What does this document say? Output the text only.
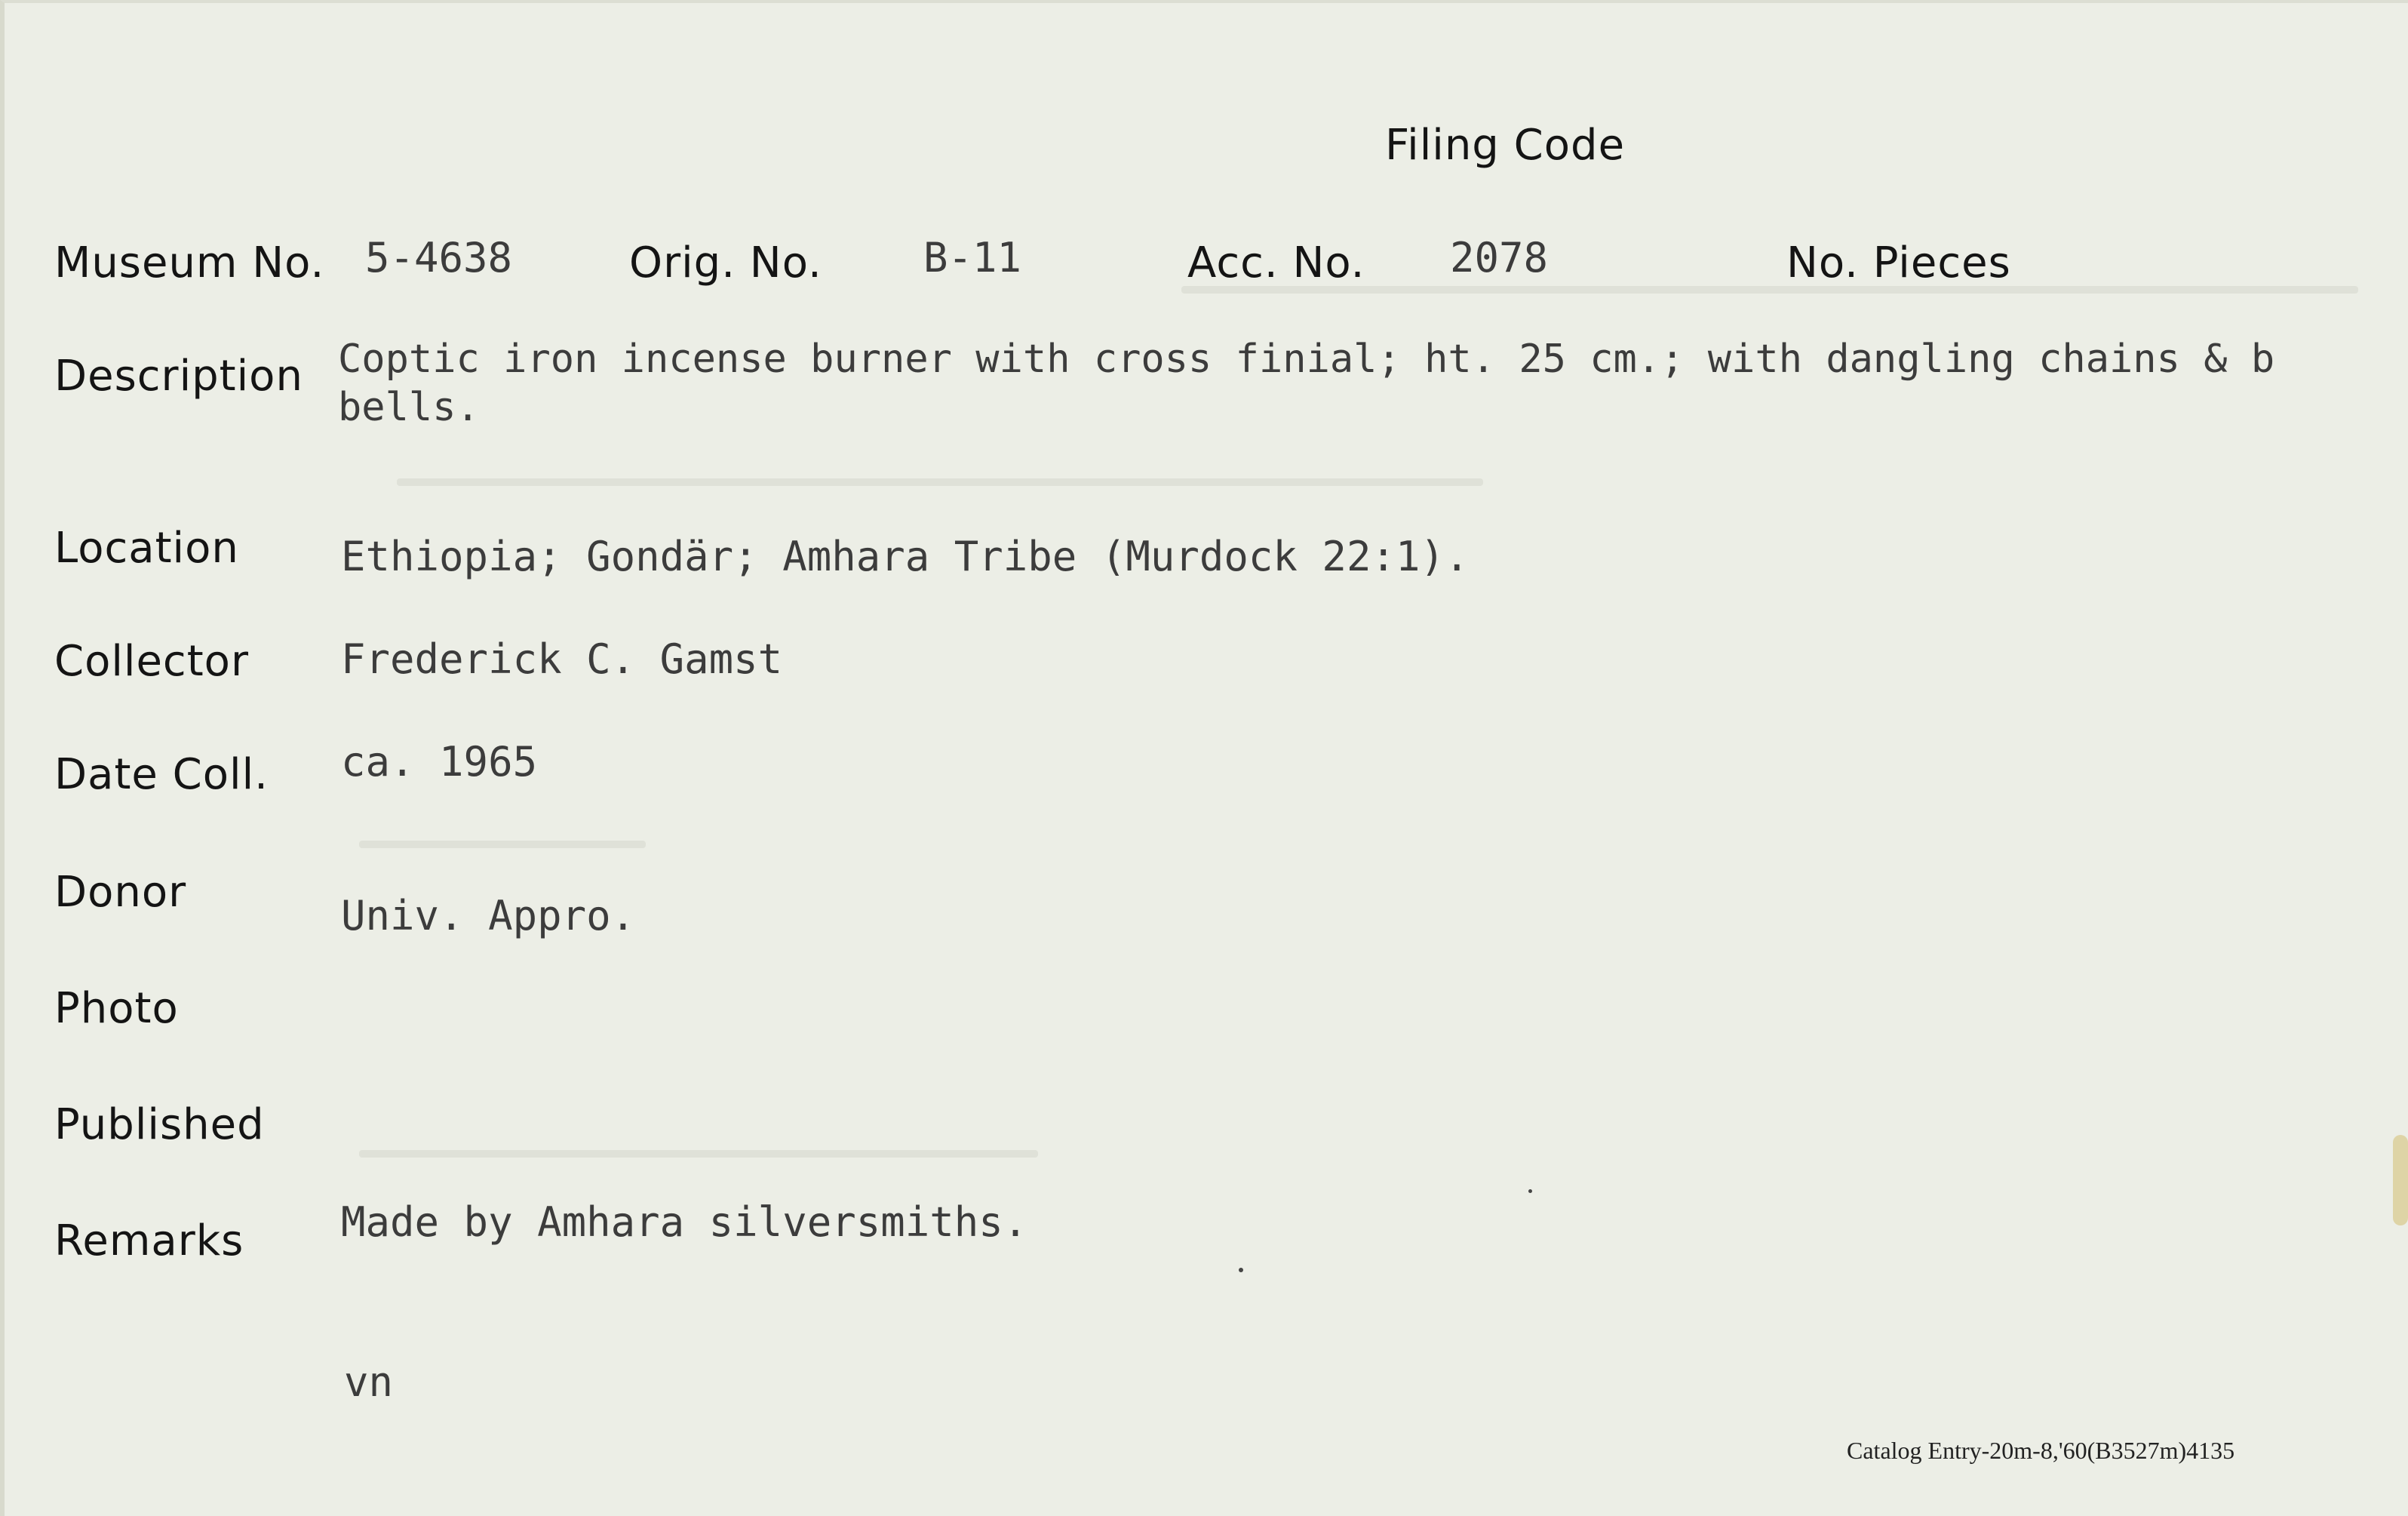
Filing Code
Museum No. 5-4638	Orig. No. B-11	Acc. No. 2078	No. Pieces
Description Coptic iron incense burner with cross finial; ht. 25 cm.; with dangling chains & b
bells.
Location	Ethiopia; Gondär; Amhara Tribe (Murdock 22:1).
Collector Frederick C. Gamst
Date Coll. ca. 1965
Donor	Univ. Appro.
Photo
Published
Remarks Made by Amhara silversmiths.
vn
Catalog Entry-20m-8,'60(B3527m)4135
